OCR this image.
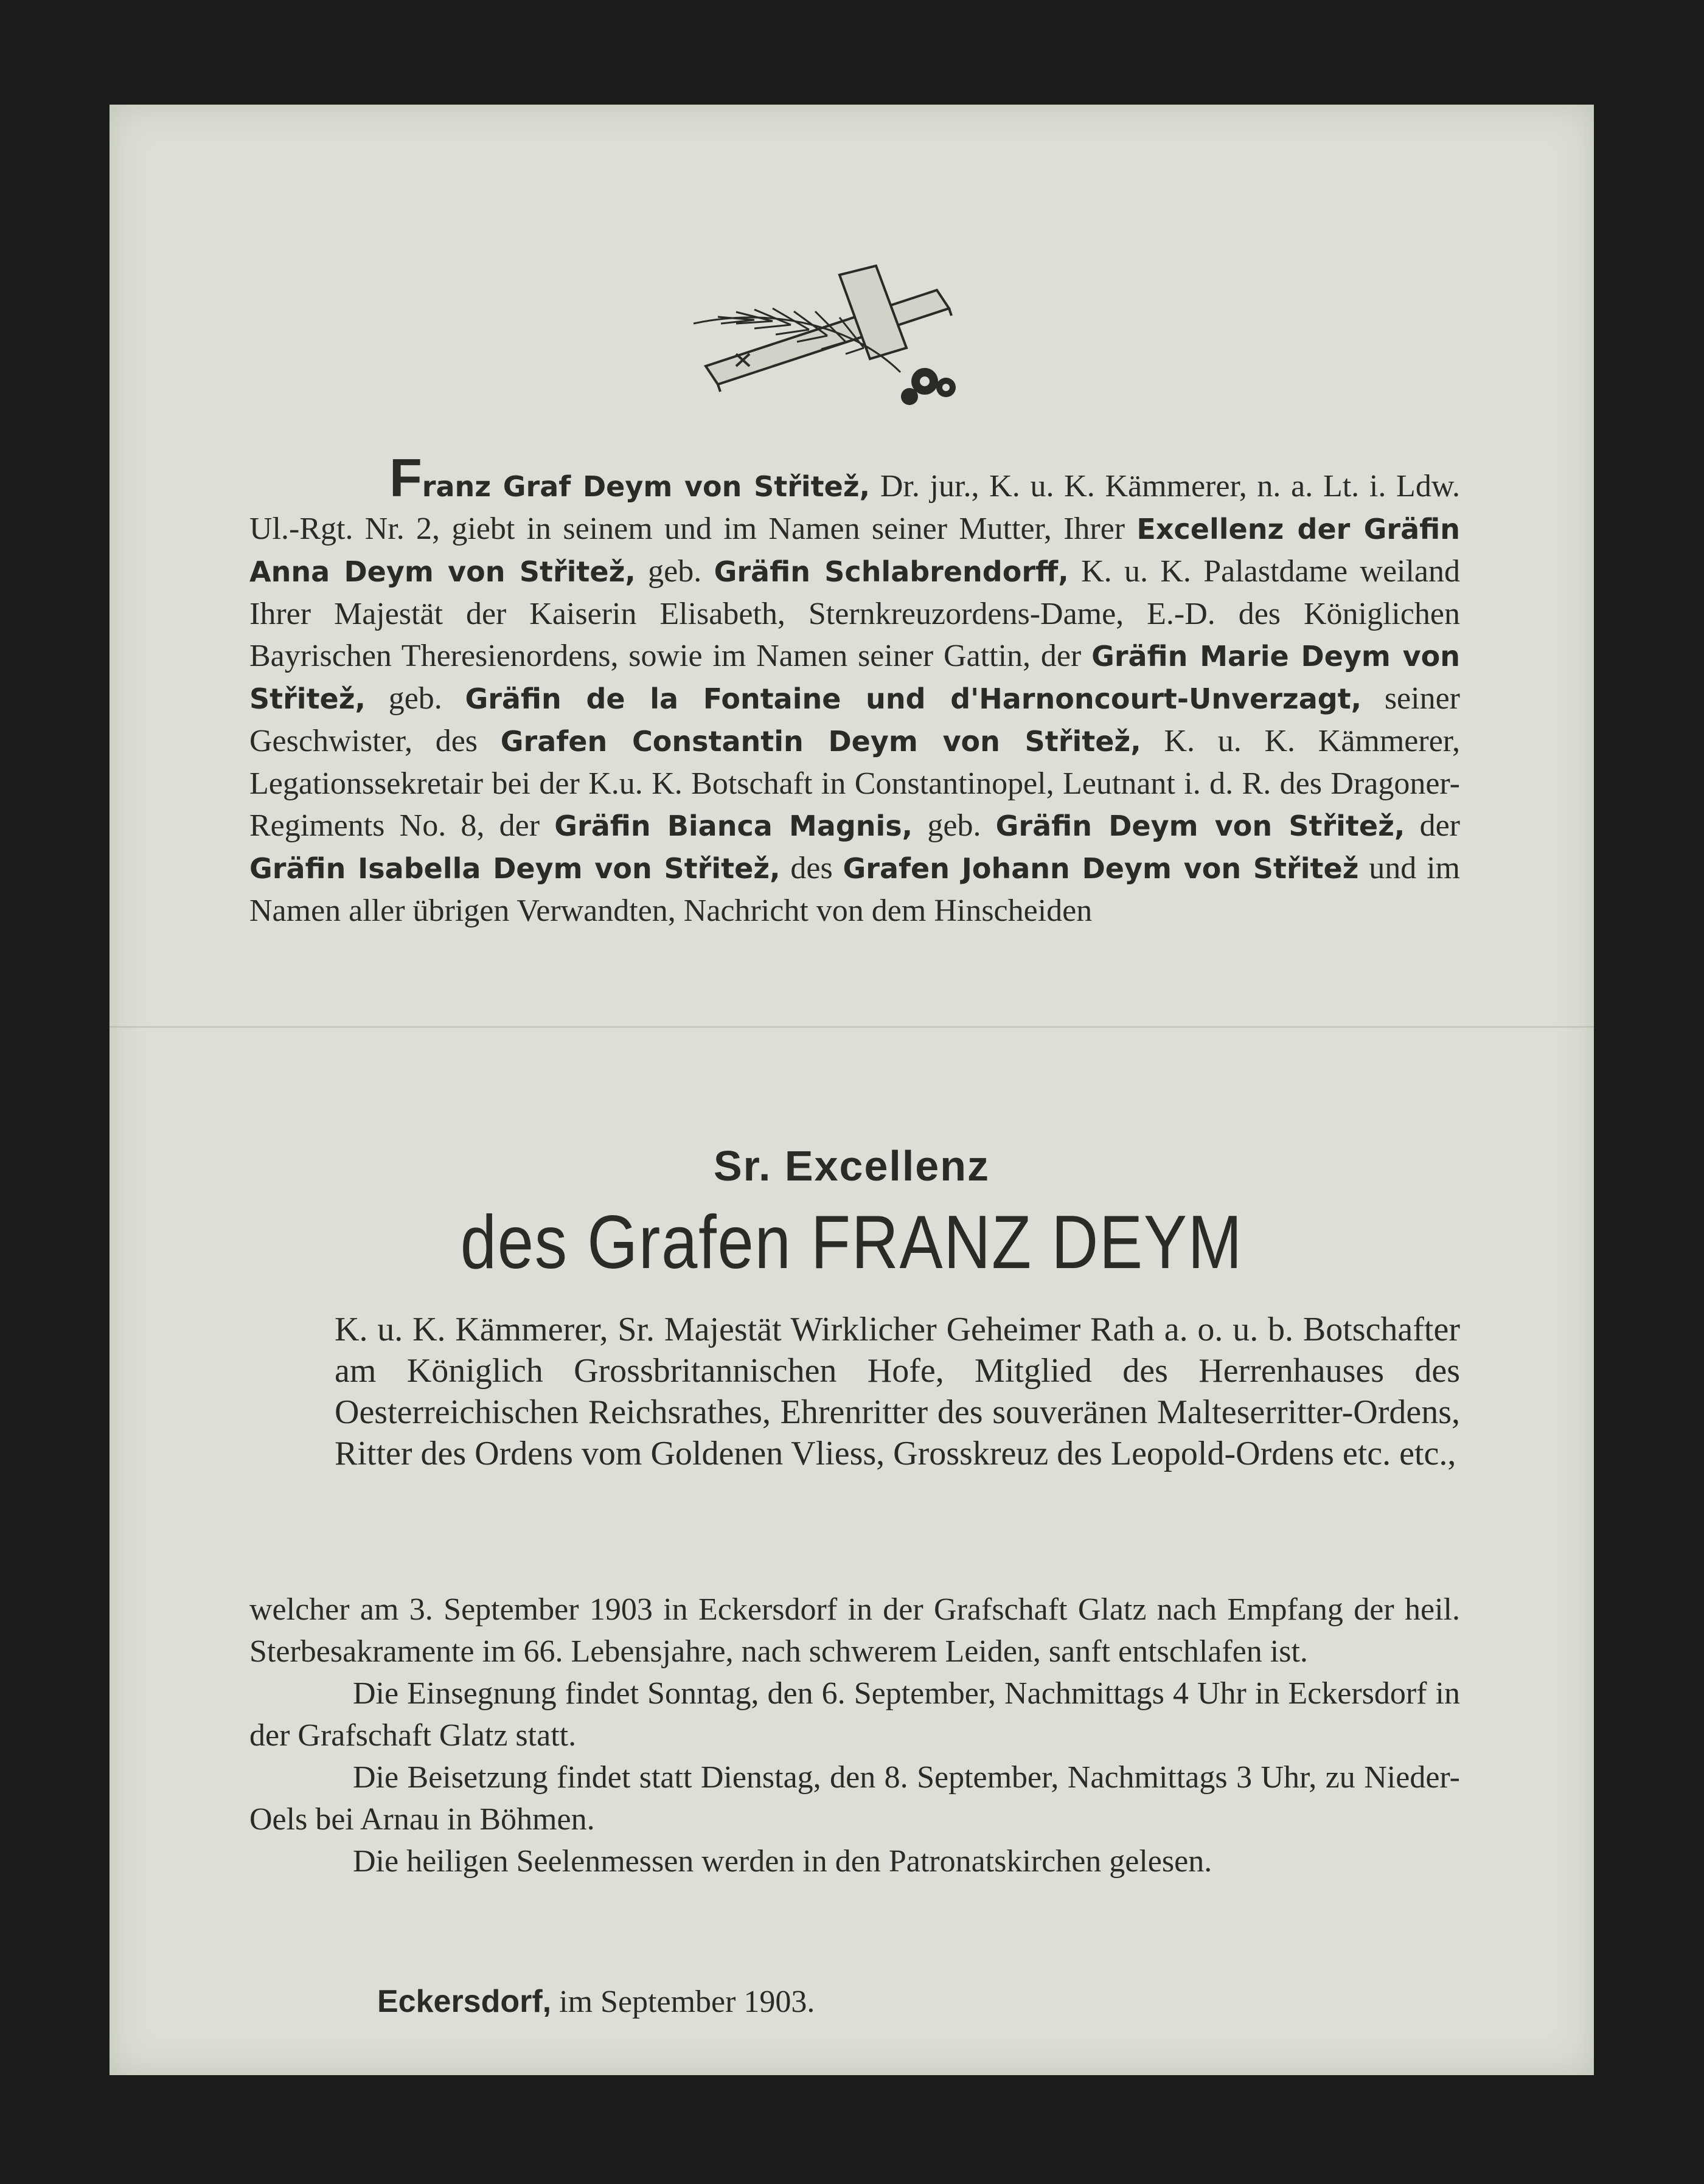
Franz Graf Deym von Střitež, Dr. jur., K. u. K. Kämmerer, n. a. Lt. i. Ldw. Ul.-Rgt. Nr. 2, giebt in seinem und im Namen seiner Mutter, Ihrer Excellenz der Gräfin Anna Deym von Střitež, geb. Gräfin Schlabrendorff, K. u. K. Palastdame weiland Ihrer Majestät der Kaiserin Elisabeth, Sternkreuzordens-Dame, E.-D. des Königlichen Bayrischen Theresienordens, sowie im Namen seiner Gattin, der Gräfin Marie Deym von Střitež, geb. Gräfin de la Fontaine und d'Harnoncourt-Unverzagt, seiner Geschwister, des Grafen Constantin Deym von Střitež, K. u. K. Kämmerer, Legationssekretair bei der K.u. K. Botschaft in Constantinopel, Leutnant i. d. R. des Dragoner-Regiments No. 8, der Gräfin Bianca Magnis, geb. Gräfin Deym von Střitež, der Gräfin Isabella Deym von Střitež, des Grafen Johann Deym von Střitež und im Namen aller übrigen Verwandten, Nachricht von dem Hinscheiden
Sr. Excellenz
des Grafen FRANZ DEYM
K. u. K. Kämmerer, Sr. Majestät Wirklicher Geheimer Rath a. o. u. b. Botschafter am Königlich Grossbritannischen Hofe, Mitglied des Herrenhauses des Oesterreichischen Reichsrathes, Ehrenritter des souveränen Malteserritter-Ordens, Ritter des Ordens vom Goldenen Vliess, Grosskreuz des Leopold-Ordens etc. etc.,

welcher am 3. September 1903 in Eckersdorf in der Grafschaft Glatz nach Empfang der heil. Sterbesakramente im 66. Lebensjahre, nach schwerem Leiden, sanft entschlafen ist.

Die Einsegnung findet Sonntag, den 6. September, Nachmittags 4 Uhr in Eckersdorf in der Grafschaft Glatz statt.

Die Beisetzung findet statt Dienstag, den 8. September, Nachmittags 3 Uhr, zu Nieder-Oels bei Arnau in Böhmen.

Die heiligen Seelenmessen werden in den Patronatskirchen gelesen.

Eckersdorf, im September 1903.
